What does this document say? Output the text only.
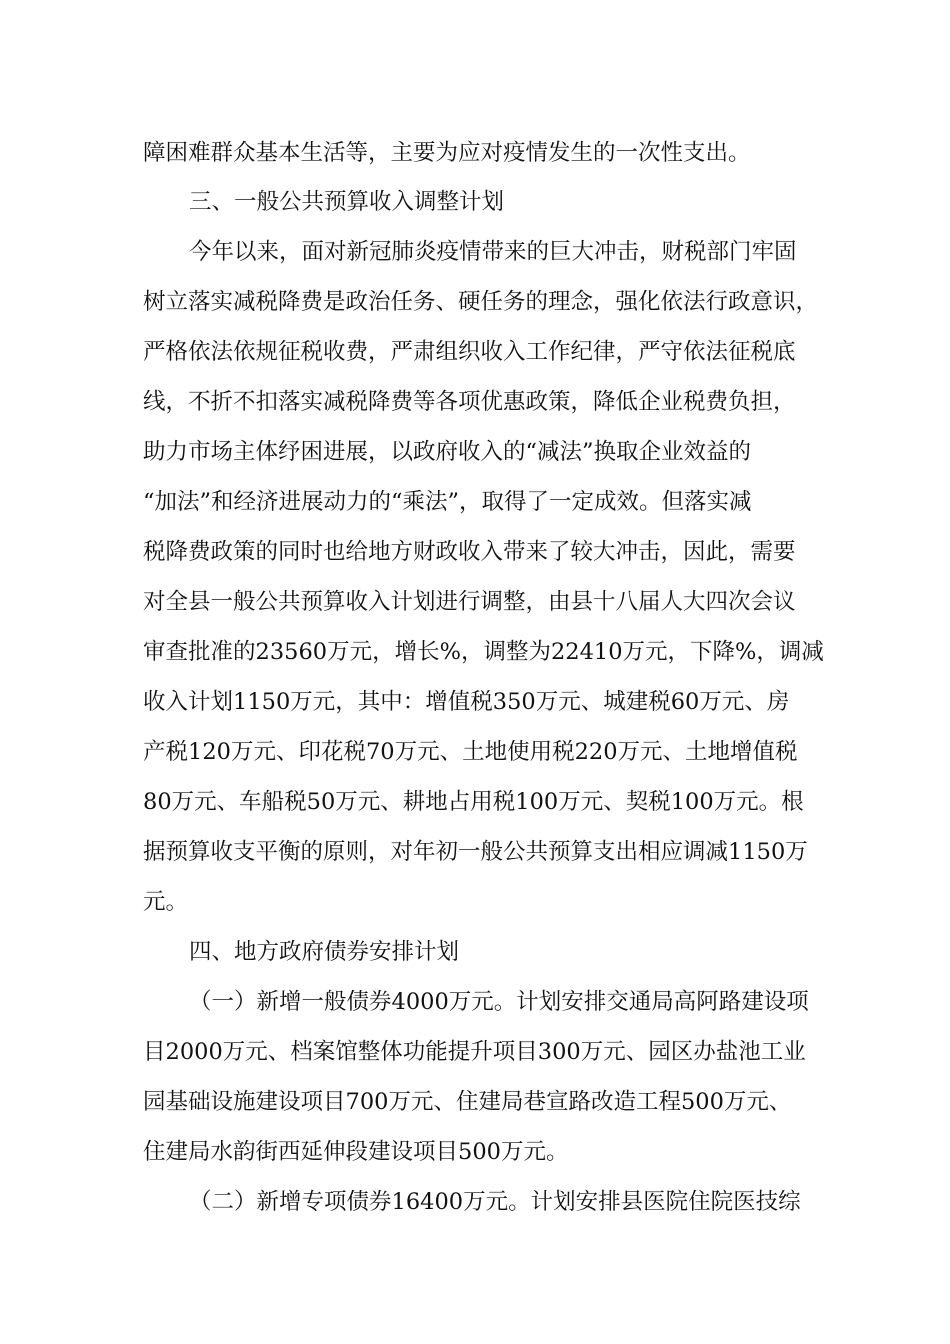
障困难群众基本生活等，主要为应对疫情发生的一次性支出。
三、一般公共预算收入调整计划
今年以来，面对新冠肺炎疫情带来的巨大冲击，财税部门牢固
树立落实减税降费是政治任务、硬任务的理念，强化依法行政意识，
严格依法依规征税收费，严肃组织收入工作纪律，严守依法征税底
线，不折不扣落实减税降费等各项优惠政策，降低企业税费负担，
助力市场主体纾困进展，以政府收入的“减法”换取企业效益的
“加法”和经济进展动力的“乘法”，取得了一定成效。但落实减
税降费政策的同时也给地方财政收入带来了较大冲击，因此，需要
对全县一般公共预算收入计划进行调整，由县十八届人大四次会议
审查批准的23560万元，增长%，调整为22410万元，下降%，调减
收入计划1150万元，其中：增值税350万元、城建税60万元、房
产税120万元、印花税70万元、土地使用税220万元、土地增值税
80万元、车船税50万元、耕地占用税100万元、契税100万元。根
据预算收支平衡的原则，对年初一般公共预算支出相应调减1150万
元。
四、地方政府债券安排计划
（一）新增一般债券4000万元。计划安排交通局高阿路建设项
目2000万元、档案馆整体功能提升项目300万元、园区办盐池工业
园基础设施建设项目700万元、住建局巷宣路改造工程500万元、
住建局水韵街西延伸段建设项目500万元。
（二）新增专项债券16400万元。计划安排县医院住院医技综
